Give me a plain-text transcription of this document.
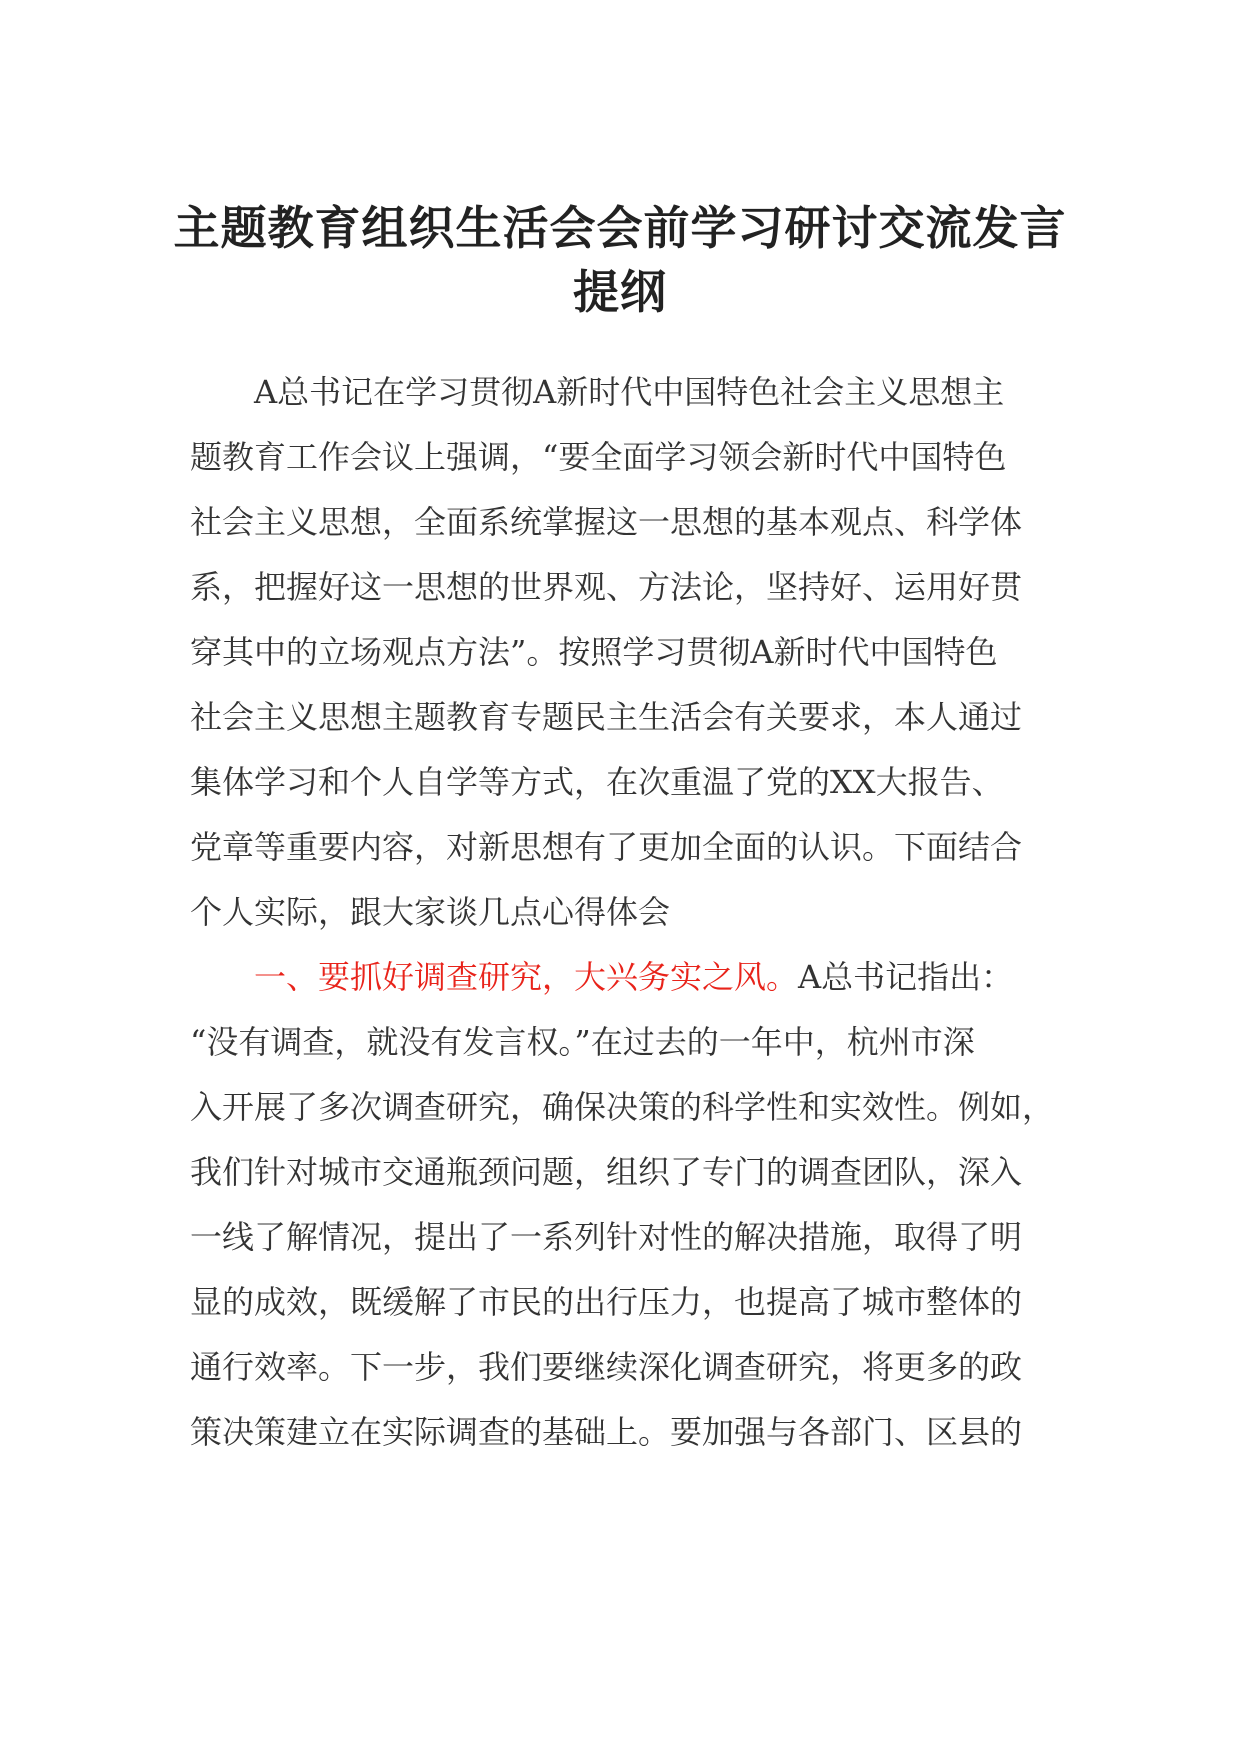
主题教育组织生活会会前学习研讨交流发言
提纲
A总书记在学习贯彻A新时代中国特色社会主义思想主
题教育工作会议上强调，“要全面学习领会新时代中国特色
社会主义思想，全面系统掌握这一思想的基本观点、科学体
系，把握好这一思想的世界观、方法论，坚持好、运用好贯
穿其中的立场观点方法”。按照学习贯彻A新时代中国特色
社会主义思想主题教育专题民主生活会有关要求，本人通过
集体学习和个人自学等方式，在次重温了党的XX大报告、
党章等重要内容，对新思想有了更加全面的认识。下面结合
个人实际，跟大家谈几点心得体会
一、要抓好调查研究，大兴务实之风。A总书记指出：
“没有调查，就没有发言权。”在过去的一年中，杭州市深
入开展了多次调查研究，确保决策的科学性和实效性。例如，
我们针对城市交通瓶颈问题，组织了专门的调查团队，深入
一线了解情况，提出了一系列针对性的解决措施，取得了明
显的成效，既缓解了市民的出行压力，也提高了城市整体的
通行效率。下一步，我们要继续深化调查研究，将更多的政
策决策建立在实际调查的基础上。要加强与各部门、区县的
